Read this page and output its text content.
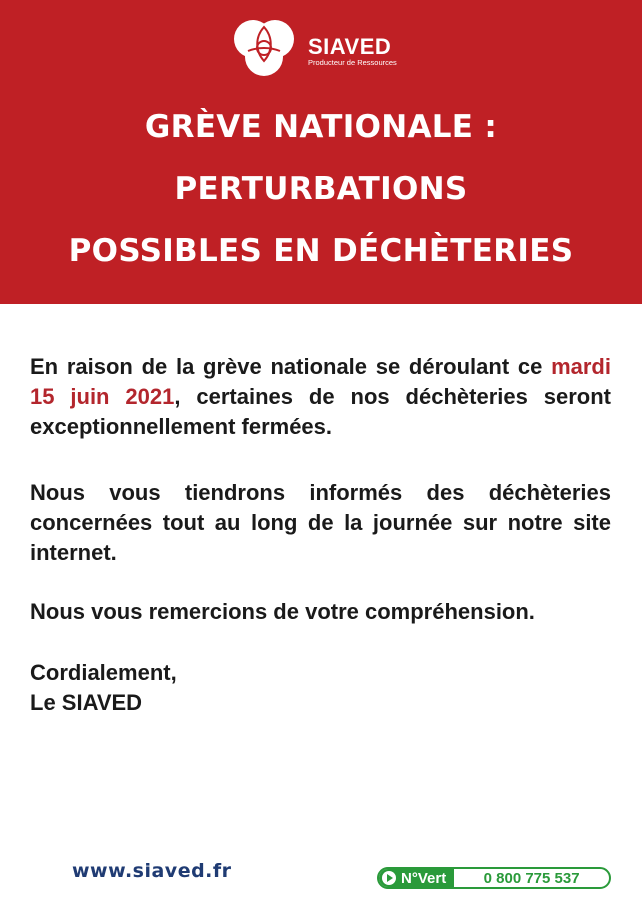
SIAVED
Producteur de Ressources
GRÈVE NATIONALE :
PERTURBATIONS
POSSIBLES EN DÉCHÈTERIES
En raison de la grève nationale se déroulant ce mardi 15 juin 2021, certaines de nos déchèteries seront exceptionnellement fermées.
Nous vous tiendrons informés des déchèteries concernées tout au long de la journée sur notre site internet.
Nous vous remercions de votre compréhension.
Cordialement,
Le SIAVED
www.siaved.fr	N°Vert	0 800 775 537
